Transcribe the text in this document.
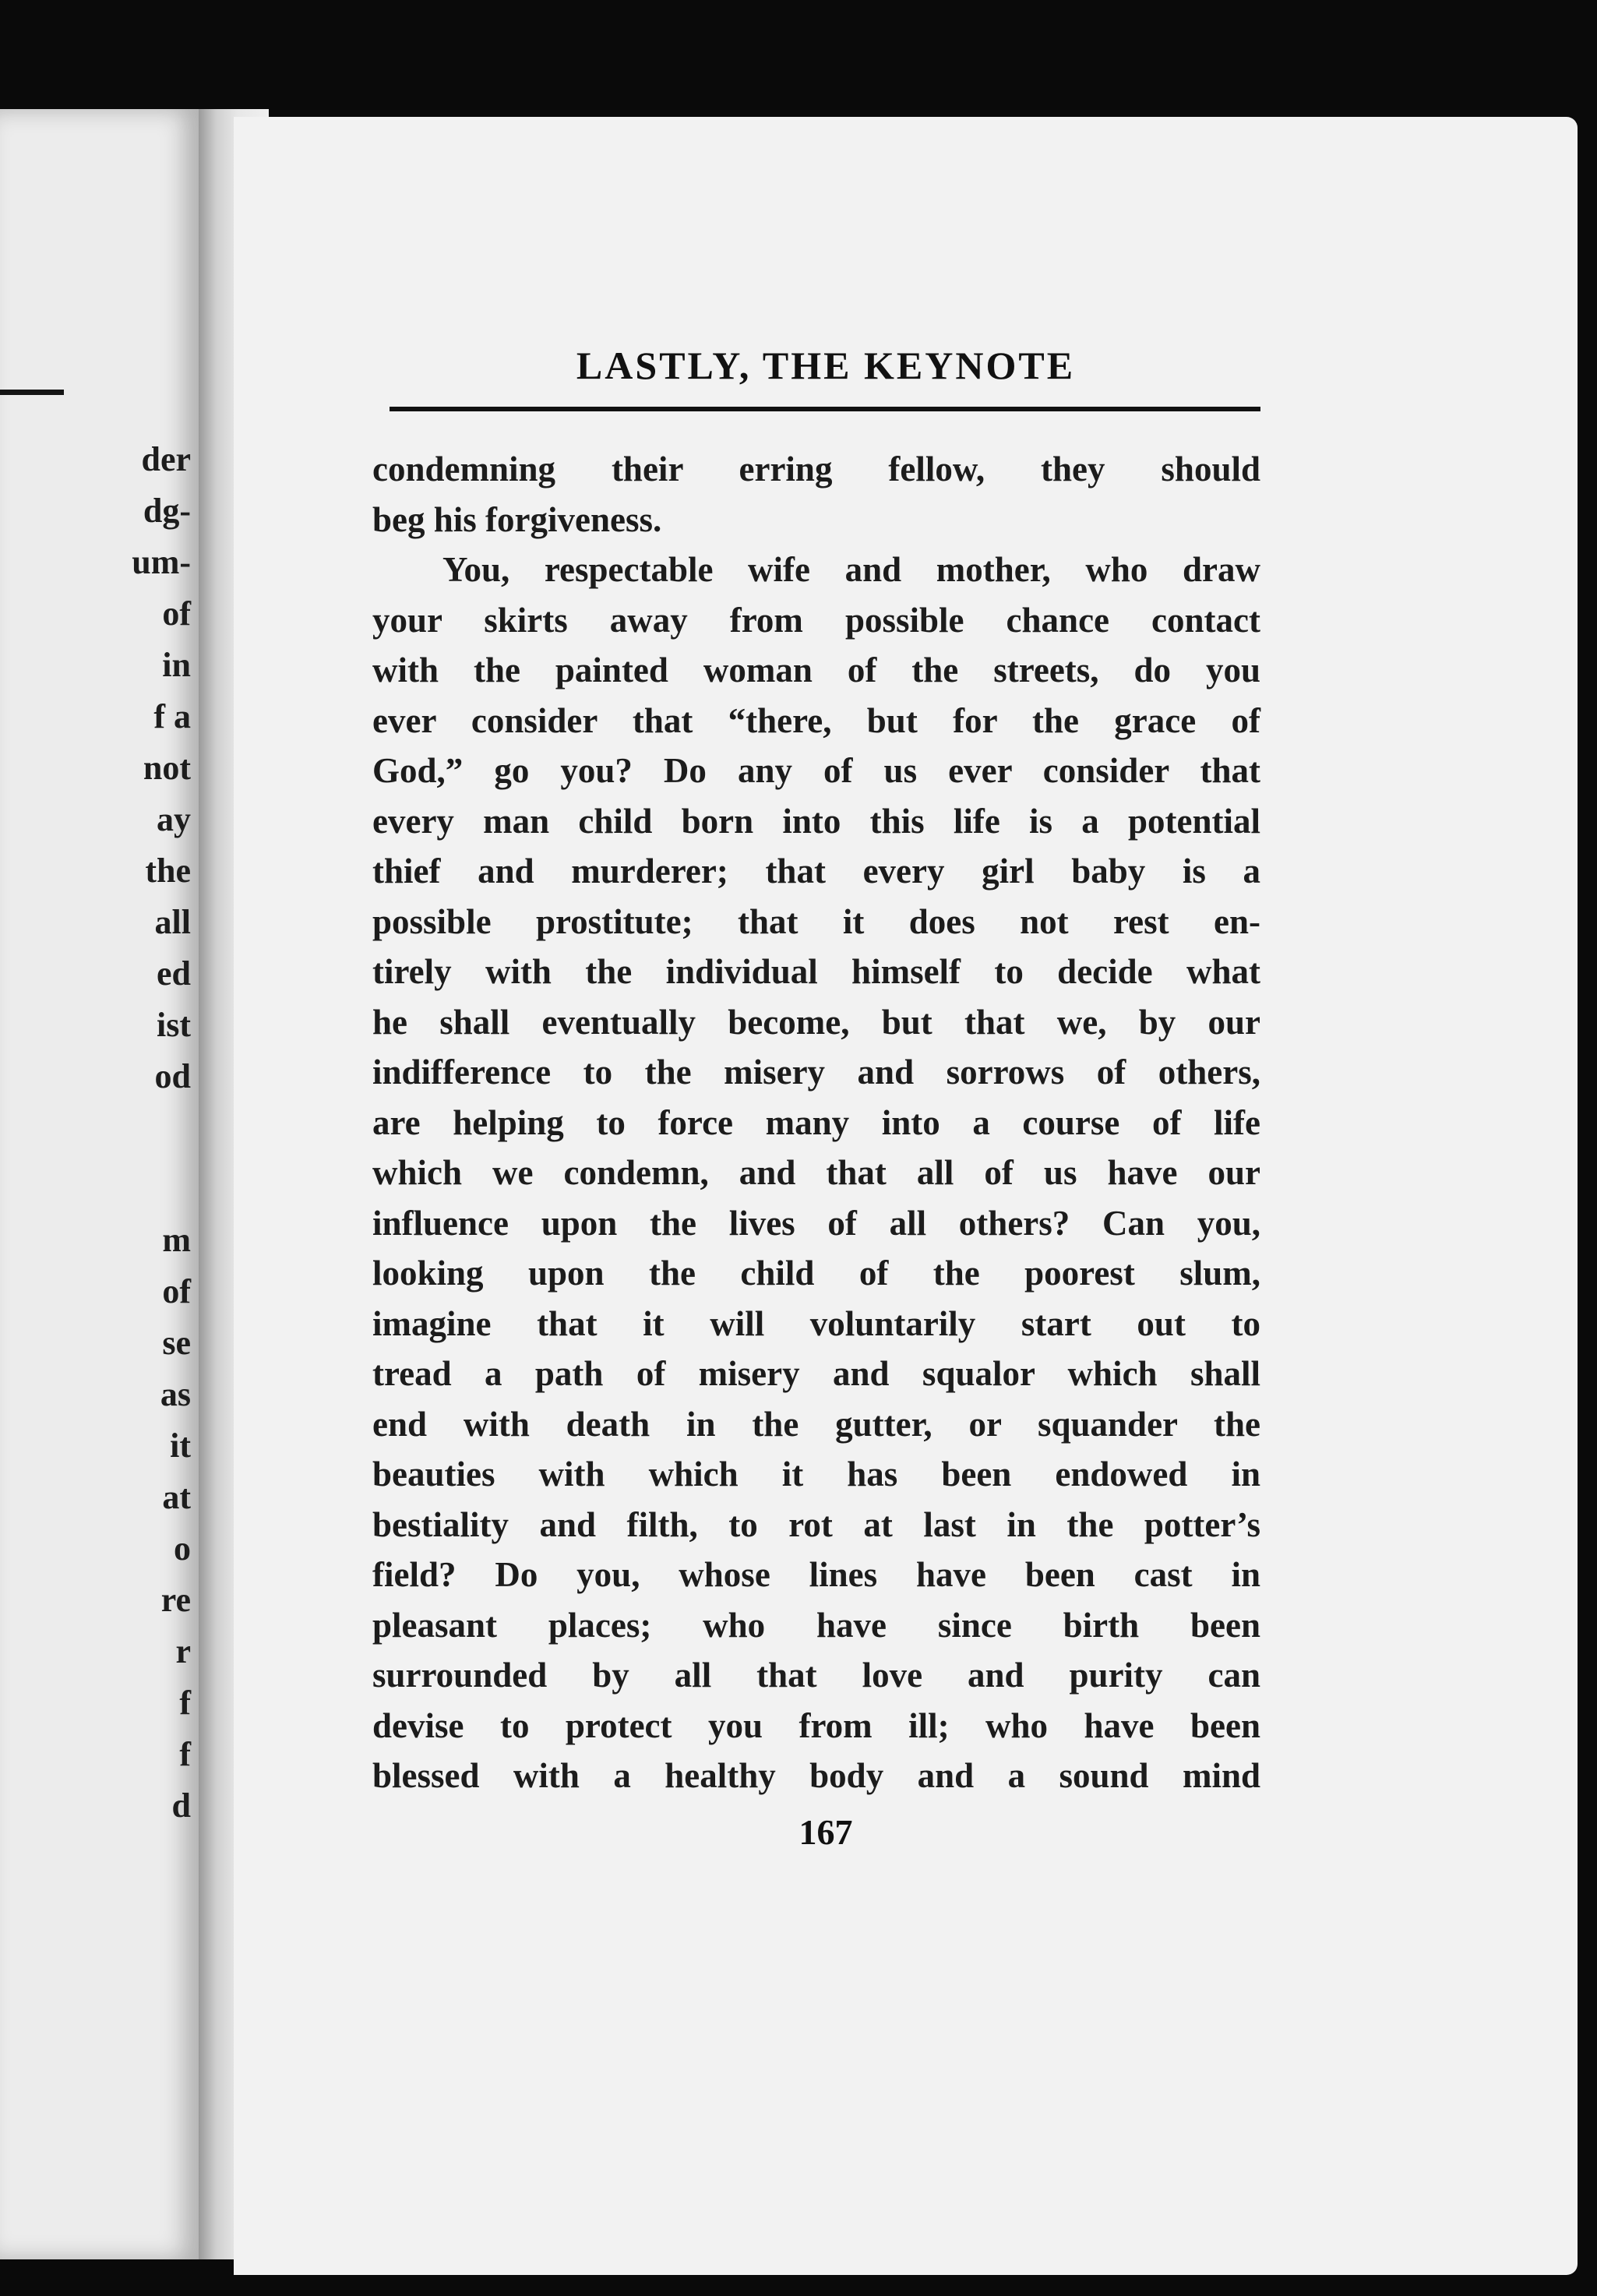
der
dg-
um-
of
in
f a
not
ay
the
all
ed
ist
od
m
of
se
as
it
at
o
re
r
f
f
d
LASTLY, THE KEYNOTE
condemning their erring fellow, they should
beg his forgiveness.
You, respectable wife and mother, who draw
your skirts away from possible chance contact
with the painted woman of the streets, do you
ever consider that “there, but for the grace of
God,” go you? Do any of us ever consider that
every man child born into this life is a potential
thief and murderer; that every girl baby is a
possible prostitute; that it does not rest en-
tirely with the individual himself to decide what
he shall eventually become, but that we, by our
indifference to the misery and sorrows of others,
are helping to force many into a course of life
which we condemn, and that all of us have our
influence upon the lives of all others? Can you,
looking upon the child of the poorest slum,
imagine that it will voluntarily start out to
tread a path of misery and squalor which shall
end with death in the gutter, or squander the
beauties with which it has been endowed in
bestiality and filth, to rot at last in the potter’s
field? Do you, whose lines have been cast in
pleasant places; who have since birth been
surrounded by all that love and purity can
devise to protect you from ill; who have been
blessed with a healthy body and a sound mind
167
